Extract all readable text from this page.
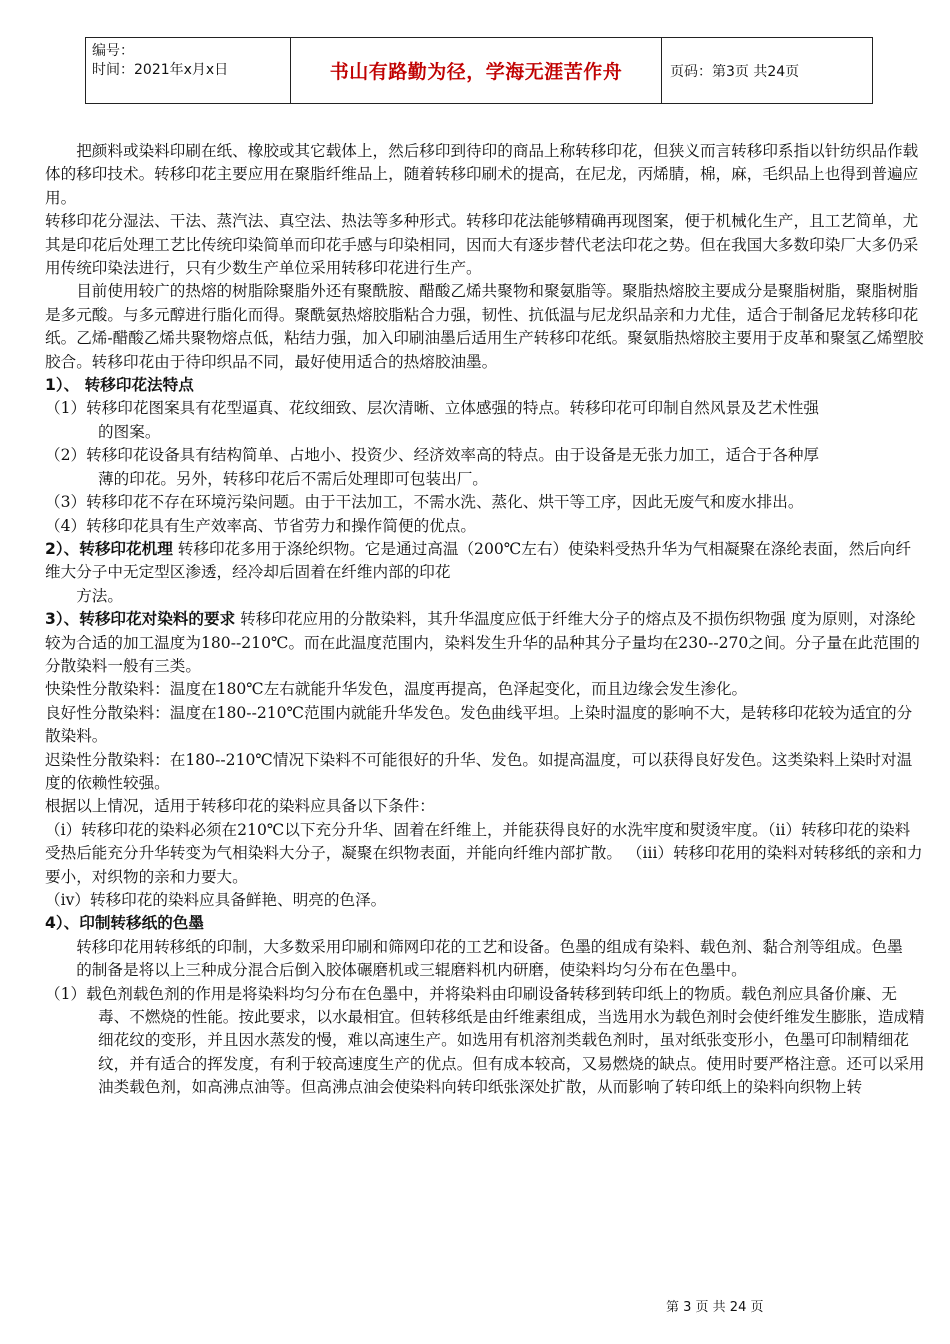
编号：
时间：2021年x月x日	书山有路勤为径，学海无涯苦作舟	页码：第3页 共24页

把颜料或染料印刷在纸、橡胶或其它载体上，然后移印到待印的商品上称转移印花，但狭义而言转移印系指以针纺织品作载体的移印技术。转移印花主要应用在聚脂纤维品上，随着转移印刷术的提高，在尼龙，丙烯腈，棉，麻，毛织品上也得到普遍应用。

转移印花分湿法、干法、蒸汽法、真空法、热法等多种形式。转移印花法能够精确再现图案，便于机械化生产，且工艺简单，尤其是印花后处理工艺比传统印染简单而印花手感与印染相同，因而大有逐步替代老法印花之势。但在我国大多数印染厂大多仍采用传统印染法进行，只有少数生产单位采用转移印花进行生产。

目前使用较广的热熔的树脂除聚脂外还有聚酰胺、醋酸乙烯共聚物和聚氨脂等。聚脂热熔胶主要成分是聚脂树脂，聚脂树脂是多元酸。与多元醇进行脂化而得。聚酰氨热熔胶脂粘合力强，韧性、抗低温与尼龙织品亲和力尤佳，适合于制备尼龙转移印花纸。乙烯-醋酸乙烯共聚物熔点低，粘结力强，加入印刷油墨后适用生产转移印花纸。聚氨脂热熔胶主要用于皮革和聚氢乙烯塑胶胶合。转移印花由于待印织品不同，最好使用适合的热熔胶油墨。

1）、 转移印花法特点

（1）转移印花图案具有花型逼真、花纹细致、层次清晰、立体感强的特点。转移印花可印制自然风景及艺术性强的图案。

（2）转移印花设备具有结构简单、占地小、投资少、经济效率高的特点。由于设备是无张力加工，适合于各种厚薄的印花。另外，转移印花后不需后处理即可包装出厂。

（3）转移印花不存在环境污染问题。由于干法加工，不需水洗、蒸化、烘干等工序，因此无废气和废水排出。

（4）转移印花具有生产效率高、节省劳力和操作简便的优点。

2）、转移印花机理 转移印花多用于涤纶织物。它是通过高温（200℃左右）使染料受热升华为气相凝聚在涤纶表面，然后向纤维大分子中无定型区渗透，经冷却后固着在纤维内部的印花

方法。

3）、转移印花对染料的要求 转移印花应用的分散染料，其升华温度应低于纤维大分子的熔点及不损伤织物强 度为原则，对涤纶较为合适的加工温度为180--210℃。而在此温度范围内，染料发生升华的品种其分子量均在230--270之间。分子量在此范围的分散染料一般有三类。

快染性分散染料：温度在180℃左右就能升华发色，温度再提高，色泽起变化，而且边缘会发生渗化。

良好性分散染料：温度在180--210℃范围内就能升华发色。发色曲线平坦。上染时温度的影响不大，是转移印花较为适宜的分散染料。

迟染性分散染料：在180--210℃情况下染料不可能很好的升华、发色。如提高温度，可以获得良好发色。这类染料上染时对温度的依赖性较强。

根据以上情况，适用于转移印花的染料应具备以下条件：

（ⅰ）转移印花的染料必须在210℃以下充分升华、固着在纤维上，并能获得良好的水洗牢度和熨烫牢度。（ⅱ）转移印花的染料受热后能充分升华转变为气相染料大分子，凝聚在织物表面，并能向纤维内部扩散。 （ⅲ）转移印花用的染料对转移纸的亲和力要小，对织物的亲和力要大。

（ⅳ）转移印花的染料应具备鲜艳、明亮的色泽。

4）、印制转移纸的色墨

转移印花用转移纸的印制，大多数采用印刷和筛网印花的工艺和设备。色墨的组成有染料、载色剂、黏合剂等组成。色墨的制备是将以上三种成分混合后倒入胶体碾磨机或三辊磨料机内研磨，使染料均匀分布在色墨中。

（1）载色剂载色剂的作用是将染料均匀分布在色墨中，并将染料由印刷设备转移到转印纸上的物质。载色剂应具备价廉、无毒、不燃烧的性能。按此要求，以水最相宜。但转移纸是由纤维素组成，当选用水为载色剂时会使纤维发生膨胀，造成精细花纹的变形，并且因水蒸发的慢，难以高速生产。如选用有机溶剂类载色剂时，虽对纸张变形小，色墨可印制精细花纹，并有适合的挥发度，有利于较高速度生产的优点。但有成本较高，又易燃烧的缺点。使用时要严格注意。还可以采用油类载色剂，如高沸点油等。但高沸点油会使染料向转印纸张深处扩散，从而影响了转印纸上的染料向织物上转

第 3 页 共 24 页
